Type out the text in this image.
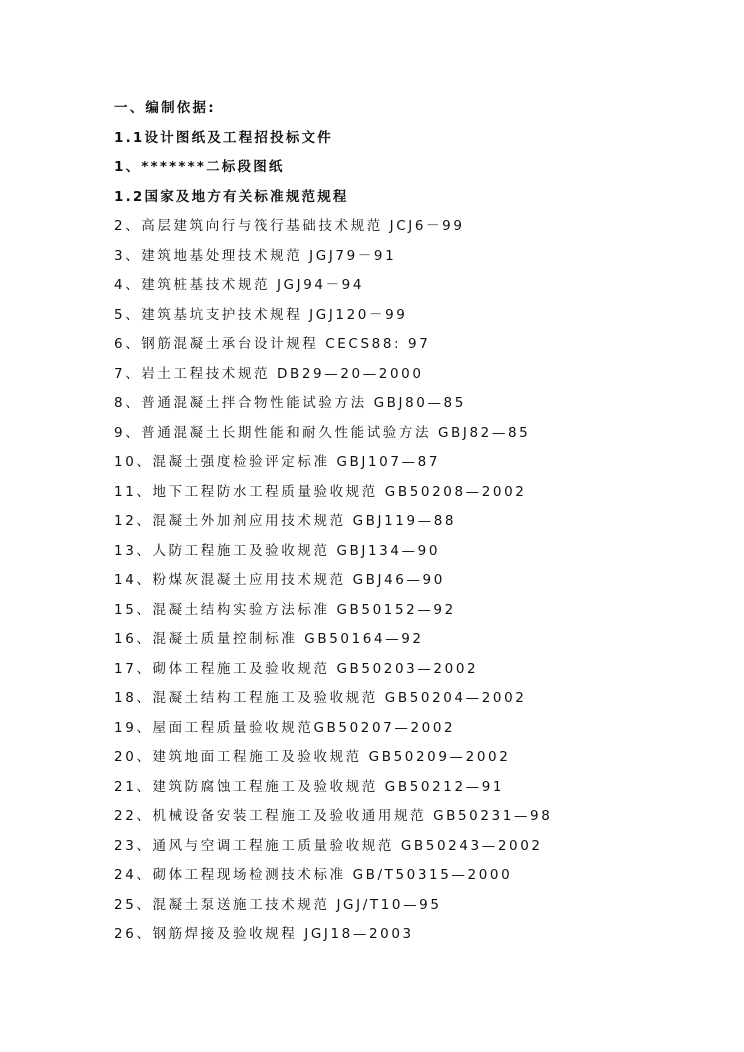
一、编制依据:
1.1设计图纸及工程招投标文件
1、*******二标段图纸
1.2国家及地方有关标准规范规程
2、高层建筑向行与筏行基础技术规范 JCJ6－99
3、建筑地基处理技术规范 JGJ79－91
4、建筑桩基技术规范 JGJ94－94
5、建筑基坑支护技术规程 JGJ120－99
6、钢筋混凝土承台设计规程 CECS88: 97
7、岩土工程技术规范 DB29—20—2000
8、普通混凝土拌合物性能试验方法 GBJ80—85
9、普通混凝土长期性能和耐久性能试验方法 GBJ82—85
10、混凝土强度检验评定标准 GBJ107—87
11、地下工程防水工程质量验收规范 GB50208—2002
12、混凝土外加剂应用技术规范 GBJ119—88
13、人防工程施工及验收规范 GBJ134—90
14、粉煤灰混凝土应用技术规范 GBJ46—90
15、混凝土结构实验方法标准 GB50152—92
16、混凝土质量控制标准 GB50164—92
17、砌体工程施工及验收规范 GB50203—2002
18、混凝土结构工程施工及验收规范 GB50204—2002
19、屋面工程质量验收规范GB50207—2002
20、建筑地面工程施工及验收规范 GB50209—2002
21、建筑防腐蚀工程施工及验收规范 GB50212—91
22、机械设备安装工程施工及验收通用规范 GB50231—98
23、通风与空调工程施工质量验收规范 GB50243—2002
24、砌体工程现场检测技术标准 GB/T50315—2000
25、混凝土泵送施工技术规范 JGJ/T10—95
26、钢筋焊接及验收规程 JGJ18—2003
